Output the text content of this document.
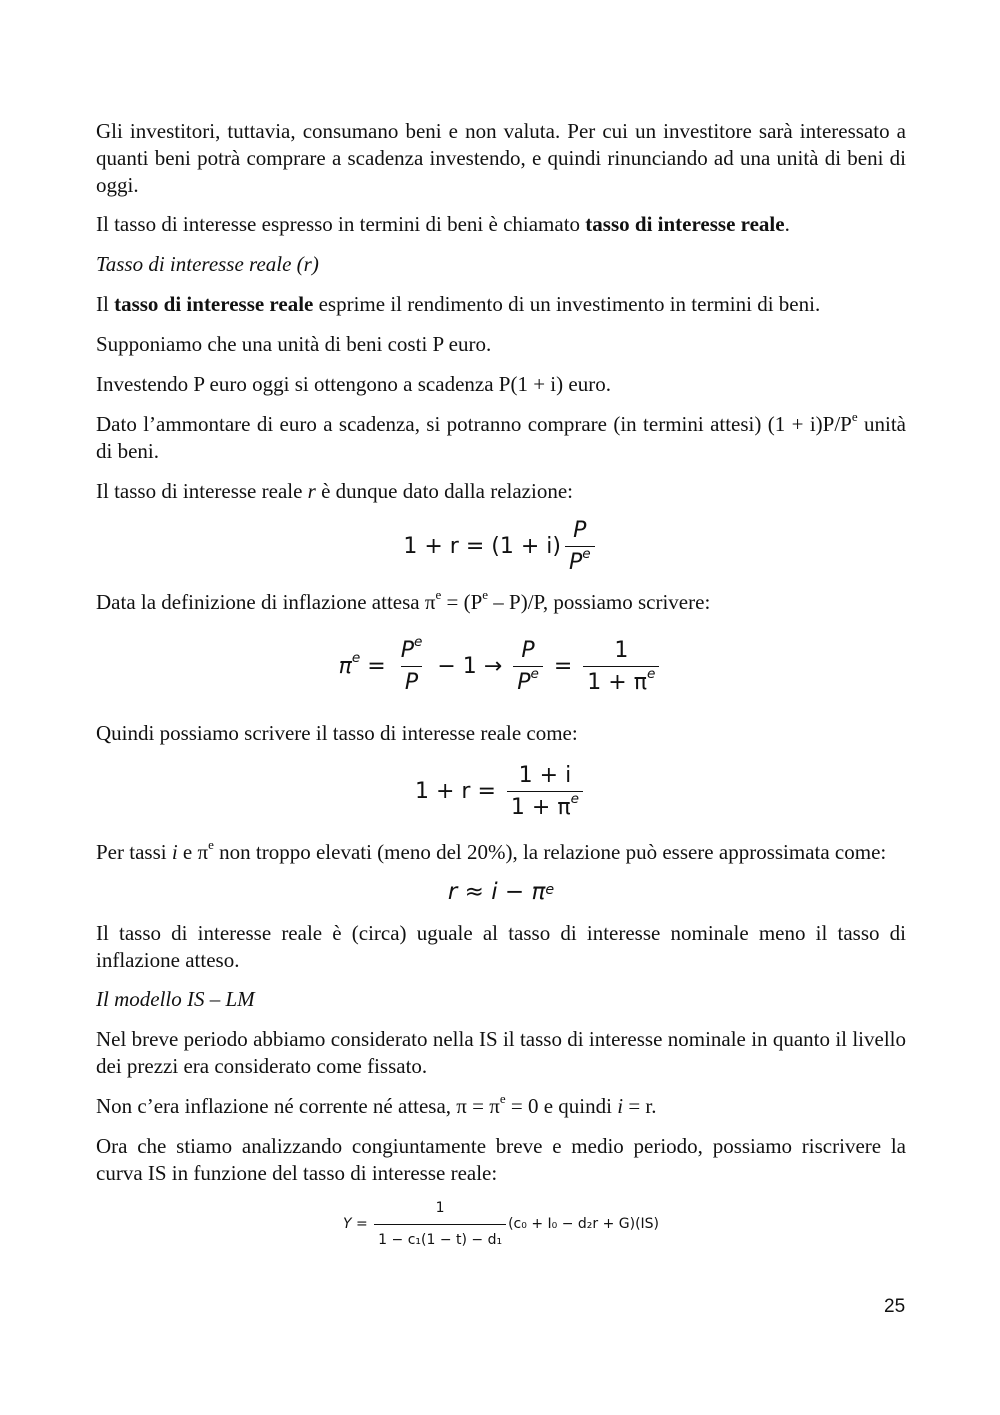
Gli investitori, tuttavia, consumano beni e non valuta. Per cui un investitore sarà interessato a quanti beni potrà comprare a scadenza investendo, e quindi rinunciando ad una unità di beni di oggi.

Il tasso di interesse espresso in termini di beni è chiamato tasso di interesse reale.

Tasso di interesse reale (r)

Il tasso di interesse reale esprime il rendimento di un investimento in termini di beni.

Supponiamo che una unità di beni costi P euro.

Investendo P euro oggi si ottengono a scadenza P(1 + i) euro.

Dato l’ammontare di euro a scadenza, si potranno comprare (in termini attesi) $(1 + i)P/P^e$ unità di beni.

Il tasso di interesse reale r è dunque dato dalla relazione:

$1 + r = (1 + i) \frac{P}{P^e}$

Data la definizione di inflazione attesa $\pi^e = (P^e - P)/P$, possiamo scrivere:

$\pi^e = \frac{P^e}{P} - 1 \to \frac{P}{P^e} = \frac{1}{1 + \pi^e}$

Quindi possiamo scrivere il tasso di interesse reale come:

$1 + r = \frac{1 + i}{1 + \pi^e}$

Per tassi i e $\pi^e$ non troppo elevati (meno del 20%), la relazione può essere approssimata come:

$r \approx i - \pi^e$

Il tasso di interesse reale è (circa) uguale al tasso di interesse nominale meno il tasso di inflazione atteso.

Il modello IS – LM

Nel breve periodo abbiamo considerato nella IS il tasso di interesse nominale in quanto il livello dei prezzi era considerato come fissato.

Non c’era inflazione né corrente né attesa, $\pi = \pi^e = 0$ e quindi i = r.

Ora che stiamo analizzando congiuntamente breve e medio periodo, possiamo riscrivere la curva IS in funzione del tasso di interesse reale:

$Y = \frac{1}{\text{1 − c₁(1 − t) − d₁}} (c_0 + I_0 - d_2r + G)(IS)$
25
